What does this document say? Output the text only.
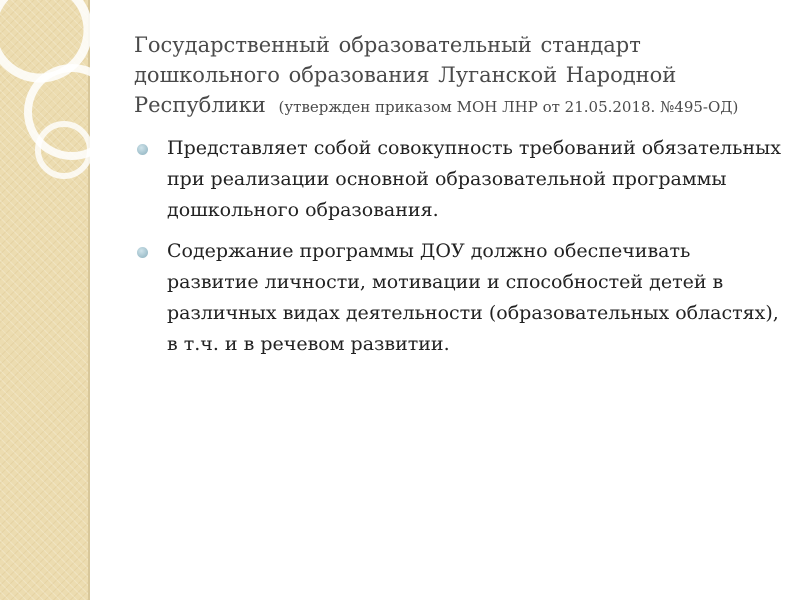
Государственный образовательный стандарт дошкольного образования Луганской Народной Республики (утвержден приказом МОН ЛНР от 21.05.2018. №495-ОД)
Представляет собой совокупность требований обязательных при реализации основной образовательной программы дошкольного образования.
Содержание программы ДОУ должно обеспечивать развитие личности, мотивации и способностей детей в различных видах деятельности (образовательных областях), в т.ч. и в речевом развитии.
